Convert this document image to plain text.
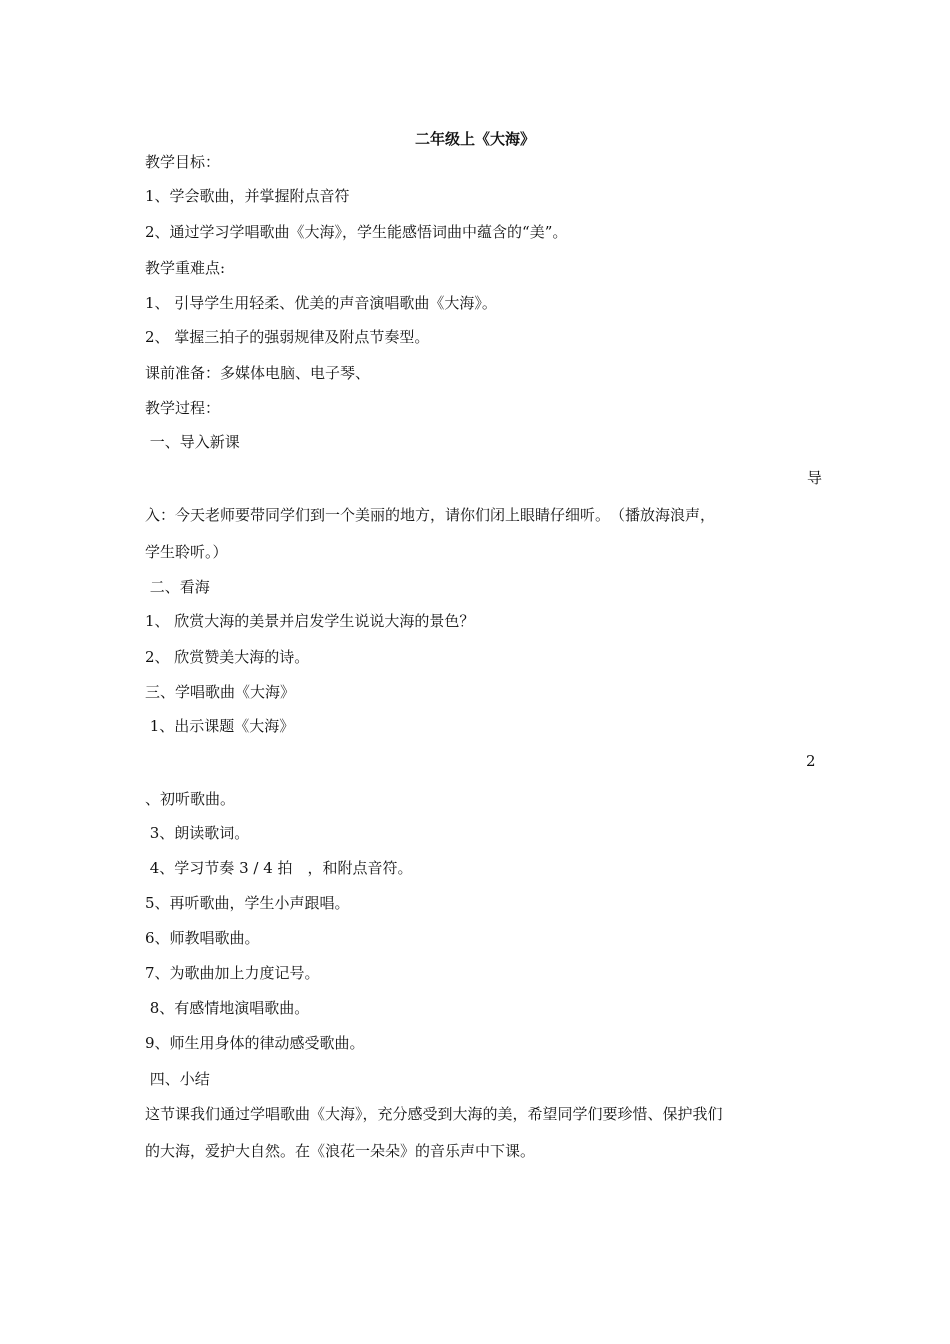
二年级上《大海》
教学目标：
1、学会歌曲，并掌握附点音符
2、通过学习学唱歌曲《大海》，学生能感悟词曲中蕴含的“美”。
教学重难点:
1、 引导学生用轻柔、优美的声音演唱歌曲《大海》。
2、 掌握三拍子的强弱规律及附点节奏型。
课前准备：多媒体电脑、电子琴、
教学过程：
一、导入新课
导
入：今天老师要带同学们到一个美丽的地方，请你们闭上眼睛仔细听。　（播放海浪声，
学生聆听。）
二、看海
1、 欣赏大海的美景并启发学生说说大海的景色？
2、 欣赏赞美大海的诗。
三、学唱歌曲《大海》
1、出示课题《大海》
2
、初听歌曲。
3、朗读歌词。
4、学习节奏 3 / 4 拍　，和附点音符。
5、再听歌曲，学生小声跟唱。
6、师教唱歌曲。
7、为歌曲加上力度记号。
8、有感情地演唱歌曲。
9、师生用身体的律动感受歌曲。
四、小结
这节课我们通过学唱歌曲《大海》，充分感受到大海的美，希望同学们要珍惜、保护我们
的大海，爱护大自然。在《浪花一朵朵》的音乐声中下课。
